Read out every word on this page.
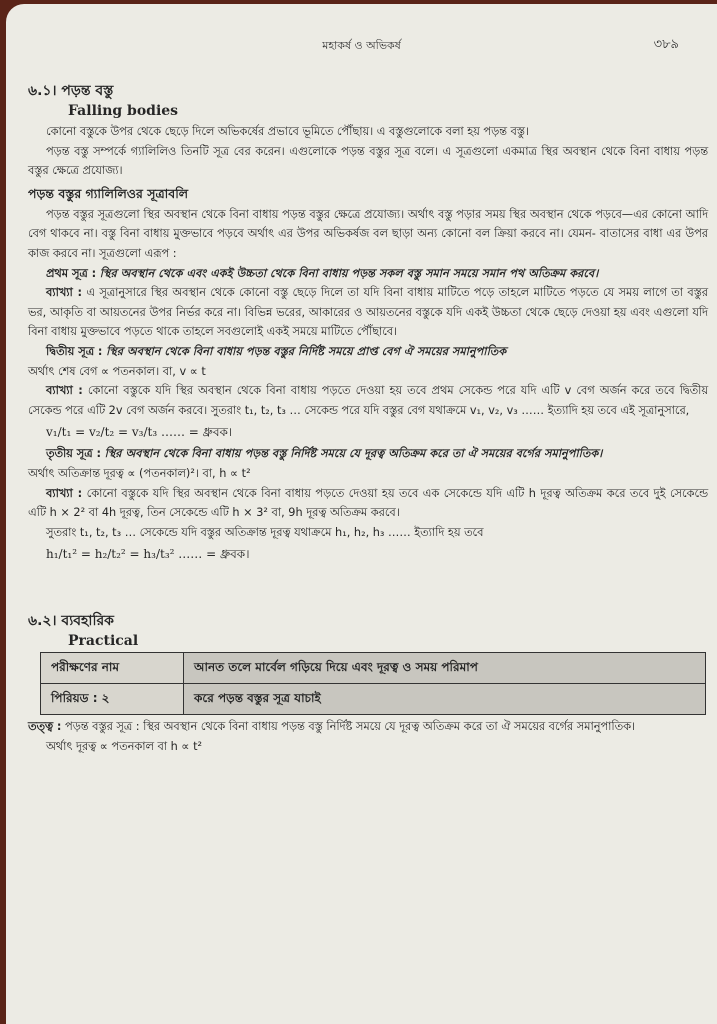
মহাকর্ষ ও অভিকর্ষ	৩৮৯
৬.১। পড়ন্ত বস্তু
Falling bodies

কোনো বস্তুকে উপর থেকে ছেড়ে দিলে অভিকর্ষের প্রভাবে ভূমিতে পৌঁছায়। এ বস্তুগুলোকে বলা হয় পড়ন্ত বস্তু।

পড়ন্ত বস্তু সম্পর্কে গ্যালিলিও তিনটি সূত্র বের করেন। এগুলোকে পড়ন্ত বস্তুর সূত্র বলে। এ সূত্রগুলো একমাত্র স্থির অবস্থান থেকে বিনা বাধায় পড়ন্ত বস্তুর ক্ষেত্রে প্রযোজ্য।

পড়ন্ত বস্তুর গ্যালিলিওর সূত্রাবলি

পড়ন্ত বস্তুর সূত্রগুলো স্থির অবস্থান থেকে বিনা বাধায় পড়ন্ত বস্তুর ক্ষেত্রে প্রযোজ্য। অর্থাৎ বস্তু পড়ার সময় স্থির অবস্থান থেকে পড়বে—এর কোনো আদি বেগ থাকবে না। বস্তু বিনা বাধায় মুক্তভাবে পড়বে অর্থাৎ এর উপর অভিকর্ষজ বল ছাড়া অন্য কোনো বল ক্রিয়া করবে না। যেমন- বাতাসের বাধা এর উপর কাজ করবে না। সূত্রগুলো এরূপ :

প্রথম সূত্র : স্থির অবস্থান থেকে এবং একই উচ্চতা থেকে বিনা বাধায় পড়ন্ত সকল বস্তু সমান সময়ে সমান পথ অতিক্রম করবে।

ব্যাখ্যা : এ সূত্রানুসারে স্থির অবস্থান থেকে কোনো বস্তু ছেড়ে দিলে তা যদি বিনা বাধায় মাটিতে পড়ে তাহলে মাটিতে পড়তে যে সময় লাগে তা বস্তুর ভর, আকৃতি বা আয়তনের উপর নির্ভর করে না। বিভিন্ন ভরের, আকারের ও আয়তনের বস্তুকে যদি একই উচ্চতা থেকে ছেড়ে দেওয়া হয় এবং এগুলো যদি বিনা বাধায় মুক্তভাবে পড়তে থাকে তাহলে সবগুলোই একই সময়ে মাটিতে পৌঁছাবে।

দ্বিতীয় সূত্র : স্থির অবস্থান থেকে বিনা বাধায় পড়ন্ত বস্তুর নির্দিষ্ট সময়ে প্রাপ্ত বেগ ঐ সময়ের সমানুপাতিক

অর্থাৎ শেষ বেগ ∝ পতনকাল। বা, v ∝ t

ব্যাখ্যা : কোনো বস্তুকে যদি স্থির অবস্থান থেকে বিনা বাধায় পড়তে দেওয়া হয় তবে প্রথম সেকেন্ড পরে যদি এটি v বেগ অর্জন করে তবে দ্বিতীয় সেকেন্ড পরে এটি 2v বেগ অর্জন করবে। সুতরাং t₁, t₂, t₃ … সেকেন্ড পরে যদি বস্তুর বেগ যথাক্রমে v₁, v₂, v₃ …… ইত্যাদি হয় তবে এই সূত্রানুসারে,

v₁/t₁ = v₂/t₂ = v₃/t₃ …… = ধ্রুবক।

তৃতীয় সূত্র : স্থির অবস্থান থেকে বিনা বাধায় পড়ন্ত বস্তু নির্দিষ্ট সময়ে যে দূরত্ব অতিক্রম করে তা ঐ সময়ের বর্গের সমানুপাতিক।

অর্থাৎ অতিক্রান্ত দূরত্ব ∝ (পতনকাল)²। বা, h ∝ t²

ব্যাখ্যা : কোনো বস্তুকে যদি স্থির অবস্থান থেকে বিনা বাধায় পড়তে দেওয়া হয় তবে এক সেকেন্ডে যদি এটি h দূরত্ব অতিক্রম করে তবে দুই সেকেন্ডে এটি h × 2² বা 4h দূরত্ব, তিন সেকেন্ডে এটি h × 3² বা, 9h দূরত্ব অতিক্রম করবে।

সুতরাং t₁, t₂, t₃ … সেকেন্ডে যদি বস্তুর অতিক্রান্ত দূরত্ব যথাক্রমে h₁, h₂, h₃ …… ইত্যাদি হয় তবে

h₁/t₁² = h₂/t₂² = h₃/t₃² …… = ধ্রুবক।
৬.২। ব্যবহারিক
Practical
পরীক্ষণের নাম	আনত তলে মার্বেল গড়িয়ে দিয়ে এবং দূরত্ব ও সময় পরিমাপ
পিরিয়ড : ২	করে পড়ন্ত বস্তুর সূত্র যাচাই

তত্ত্ব : পড়ন্ত বস্তুর সূত্র : স্থির অবস্থান থেকে বিনা বাধায় পড়ন্ত বস্তু নির্দিষ্ট সময়ে যে দূরত্ব অতিক্রম করে তা ঐ সময়ের বর্গের সমানুপাতিক।

অর্থাৎ দূরত্ব ∝ পতনকাল বা h ∝ t²
